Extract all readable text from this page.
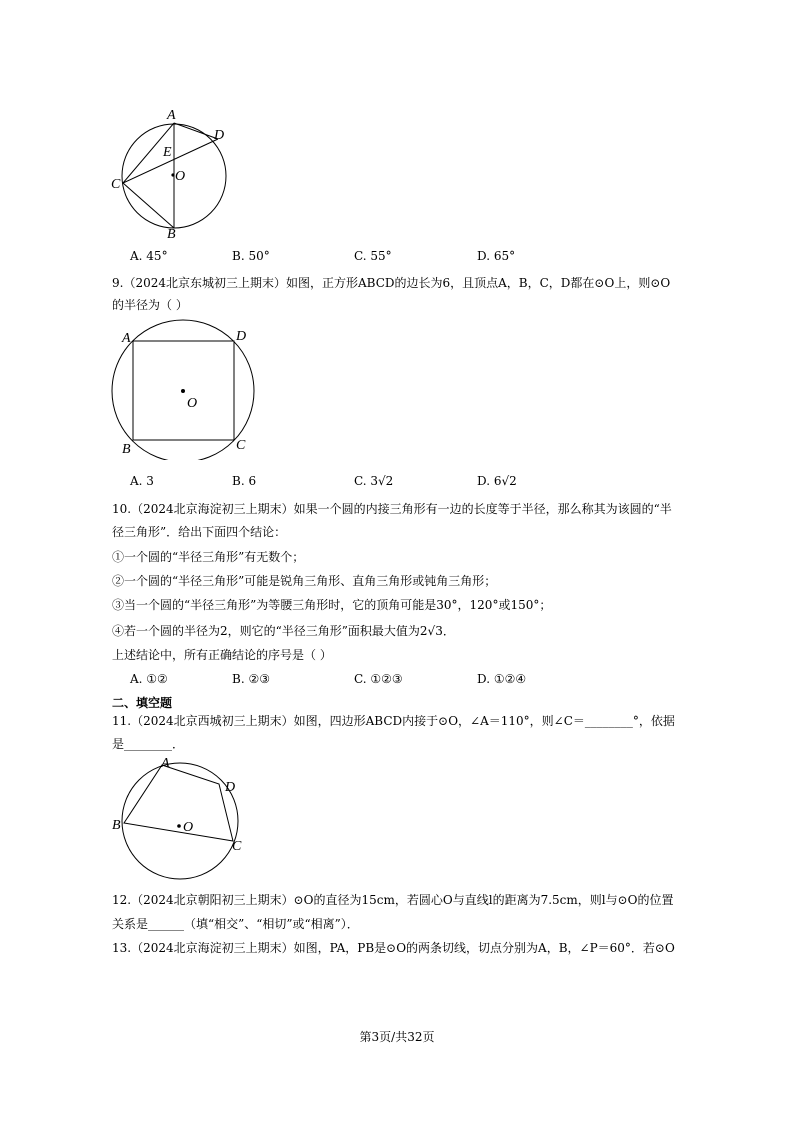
A
D
E
C
O
B
A. 45°	B. 50°	C. 55°	D. 65°
9.（2024北京东城初三上期末）如图，正方形ABCD的边长为6，且顶点A，B，C，D都在⊙O上，则⊙O
的半径为（ ）
A	D
O
B	C
A. 3	B. 6	C. 3√2	D. 6√2
10.（2024北京海淀初三上期末）如果一个圆的内接三角形有一边的长度等于半径，那么称其为该圆的“半
径三角形”．给出下面四个结论：
①一个圆的“半径三角形”有无数个；
②一个圆的“半径三角形”可能是锐角三角形、直角三角形或钝角三角形；
③当一个圆的“半径三角形”为等腰三角形时，它的顶角可能是30°，120°或150°；
④若一个圆的半径为2，则它的“半径三角形”面积最大值为2√3．
上述结论中，所有正确结论的序号是（ ）
A. ①②	B. ②③	C. ①②③	D. ①②④
二、填空题
11.（2024北京西城初三上期末）如图，四边形ABCD内接于⊙O，∠A＝110°，则∠C＝________°，依据
是________．
A
D
B	O
C
12.（2024北京朝阳初三上期末）⊙O的直径为15cm，若圆心O与直线l的距离为7.5cm，则l与⊙O的位置
关系是______（填“相交”、“相切”或“相离”）．
13.（2024北京海淀初三上期末）如图，PA，PB是⊙O的两条切线，切点分别为A，B，∠P＝60°．若⊙O
第3页/共32页
